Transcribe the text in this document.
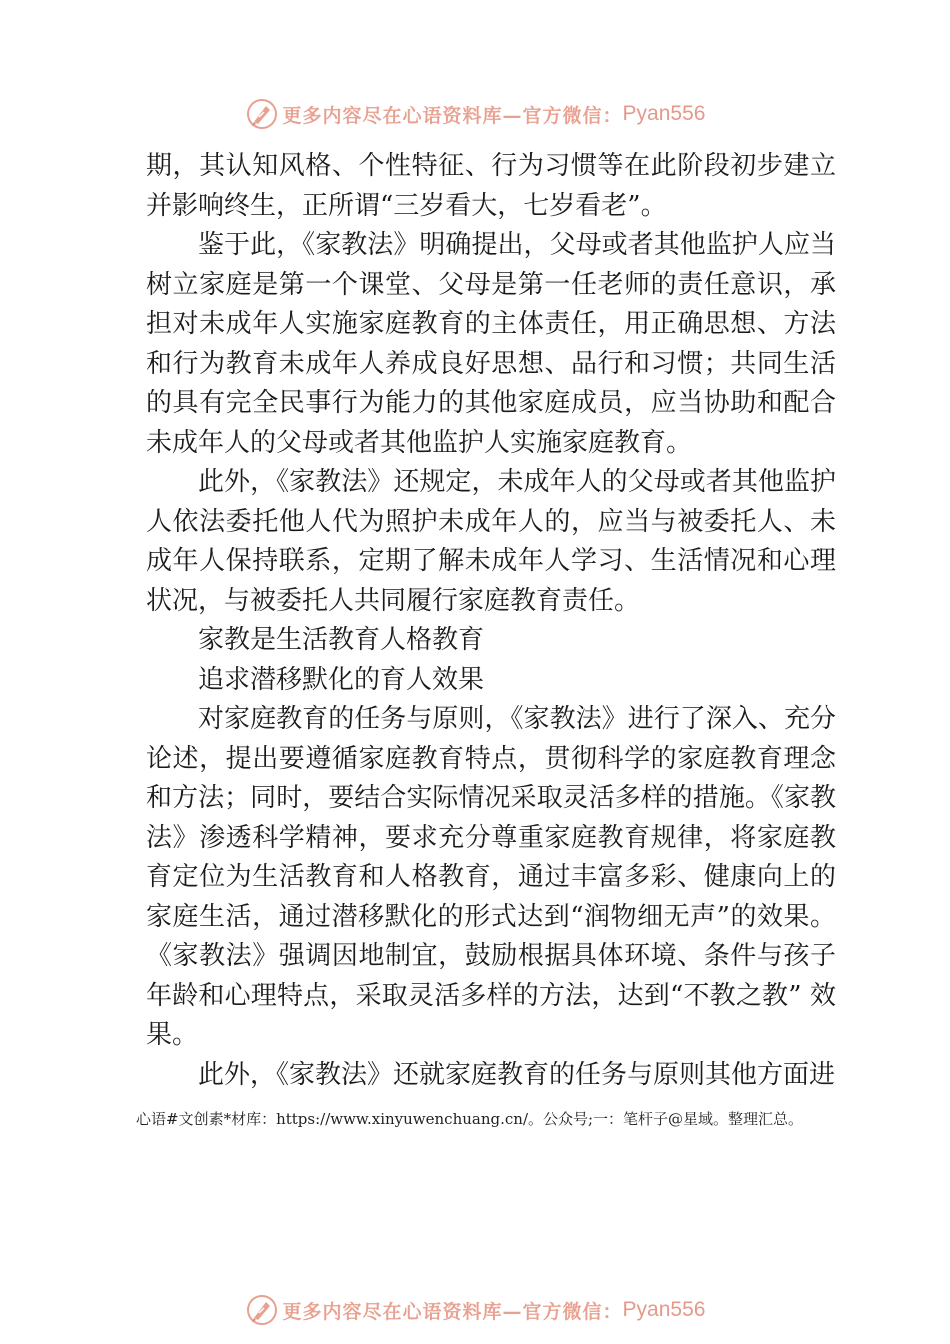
更多内容尽在心语资料库—官方微信： Pyan556

期，其认知风格、个性特征、行为习惯等在此阶段初步建立并影响终生，正所谓“三岁看大，七岁看老”。

鉴于此，《家教法》明确提出，父母或者其他监护人应当树立家庭是第一个课堂、父母是第一任老师的责任意识，承担对未成年人实施家庭教育的主体责任，用正确思想、方法和行为教育未成年人养成良好思想、品行和习惯；共同生活的具有完全民事行为能力的其他家庭成员，应当协助和配合未成年人的父母或者其他监护人实施家庭教育。

此外，《家教法》还规定，未成年人的父母或者其他监护人依法委托他人代为照护未成年人的，应当与被委托人、未成年人保持联系，定期了解未成年人学习、生活情况和心理状况，与被委托人共同履行家庭教育责任。

家教是生活教育人格教育

追求潜移默化的育人效果

对家庭教育的任务与原则，《家教法》进行了深入、充分论述，提出要遵循家庭教育特点，贯彻科学的家庭教育理念和方法；同时，要结合实际情况采取灵活多样的措施。《家教法》渗透科学精神，要求充分尊重家庭教育规律，将家庭教育定位为生活教育和人格教育，通过丰富多彩、健康向上的家庭生活，通过潜移默化的形式达到“润物细无声”的效果。《家教法》强调因地制宜，鼓励根据具体环境、条件与孩子年龄和心理特点，采取灵活多样的方法，达到“不教之教” 效果。

此外，《家教法》还就家庭教育的任务与原则其他方面进

心语#文创素*材库：https://www.xinyuwenchuang.cn/。公众号;一：笔杆子@星域。整理汇总。
更多内容尽在心语资料库—官方微信： Pyan556
